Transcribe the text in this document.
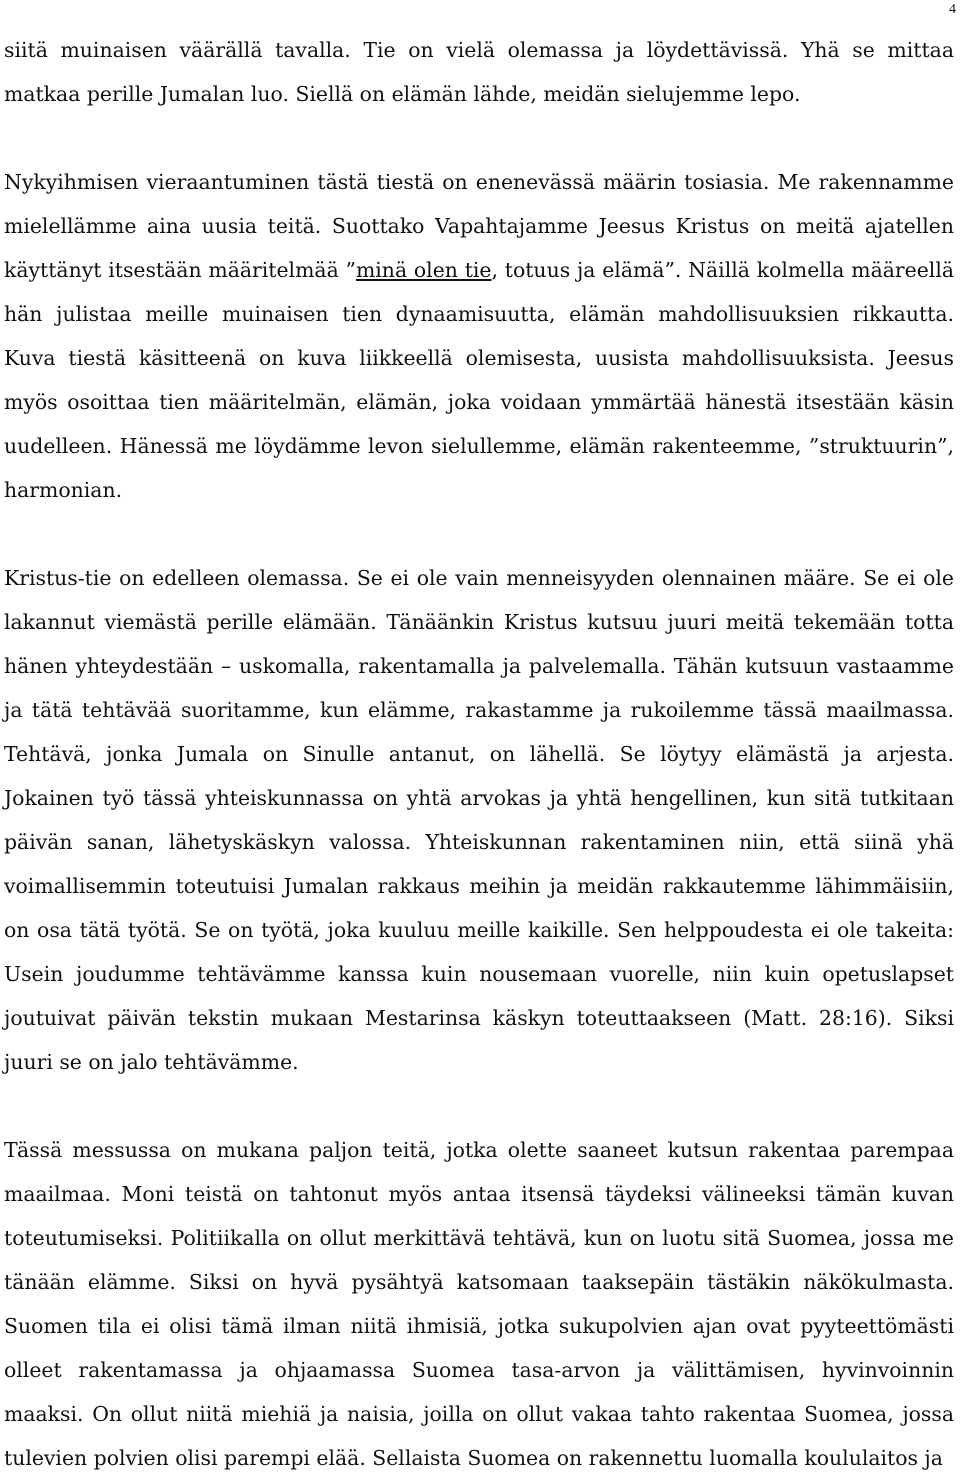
4

siitä muinaisen väärällä tavalla. Tie on vielä olemassa ja löydettävissä. Yhä se mittaa matkaa perille Jumalan luo. Siellä on elämän lähde, meidän sielujemme lepo.

Nykyihmisen vieraantuminen tästä tiestä on enenevässä määrin tosiasia. Me rakennamme mielellämme aina uusia teitä. Suottako Vapahtajamme Jeesus Kristus on meitä ajatellen käyttänyt itsestään määritelmää ”minä olen tie, totuus ja elämä”. Näillä kolmella määreellä hän julistaa meille muinaisen tien dynaamisuutta, elämän mahdollisuuksien rikkautta. Kuva tiestä käsitteenä on kuva liikkeellä olemisesta, uusista mahdollisuuksista. Jeesus myös osoittaa tien määritelmän, elämän, joka voidaan ymmärtää hänestä itsestään käsin uudelleen. Hänessä me löydämme levon sielullemme, elämän rakenteemme, ”struktuurin”, harmonian.

Kristus-tie on edelleen olemassa. Se ei ole vain menneisyyden olennainen määre. Se ei ole lakannut viemästä perille elämään. Tänäänkin Kristus kutsuu juuri meitä tekemään totta hänen yhteydestään – uskomalla, rakentamalla ja palvelemalla. Tähän kutsuun vastaamme ja tätä tehtävää suoritamme, kun elämme, rakastamme ja rukoilemme tässä maailmassa. Tehtävä, jonka Jumala on Sinulle antanut, on lähellä. Se löytyy elämästä ja arjesta. Jokainen työ tässä yhteiskunnassa on yhtä arvokas ja yhtä hengellinen, kun sitä tutkitaan päivän sanan, lähetyskäskyn valossa. Yhteiskunnan rakentaminen niin, että siinä yhä voimallisemmin toteutuisi Jumalan rakkaus meihin ja meidän rakkautemme lähimmäisiin, on osa tätä työtä. Se on työtä, joka kuuluu meille kaikille. Sen helppoudesta ei ole takeita: Usein joudumme tehtävämme kanssa kuin nousemaan vuorelle, niin kuin opetuslapset joutuivat päivän tekstin mukaan Mestarinsa käskyn toteuttaakseen (Matt. 28:16). Siksi juuri se on jalo tehtävämme.

Tässä messussa on mukana paljon teitä, jotka olette saaneet kutsun rakentaa parempaa maailmaa. Moni teistä on tahtonut myös antaa itsensä täydeksi välineeksi tämän kuvan toteutumiseksi. Politiikalla on ollut merkittävä tehtävä, kun on luotu sitä Suomea, jossa me tänään elämme. Siksi on hyvä pysähtyä katsomaan taaksepäin tästäkin näkökulmasta. Suomen tila ei olisi tämä ilman niitä ihmisiä, jotka sukupolvien ajan ovat pyyteettömästi olleet rakentamassa ja ohjaamassa Suomea tasa-arvon ja välittämisen, hyvinvoinnin maaksi. On ollut niitä miehiä ja naisia, joilla on ollut vakaa tahto rakentaa Suomea, jossa tulevien polvien olisi parempi elää. Sellaista Suomea on rakennettu luomalla koululaitos ja
